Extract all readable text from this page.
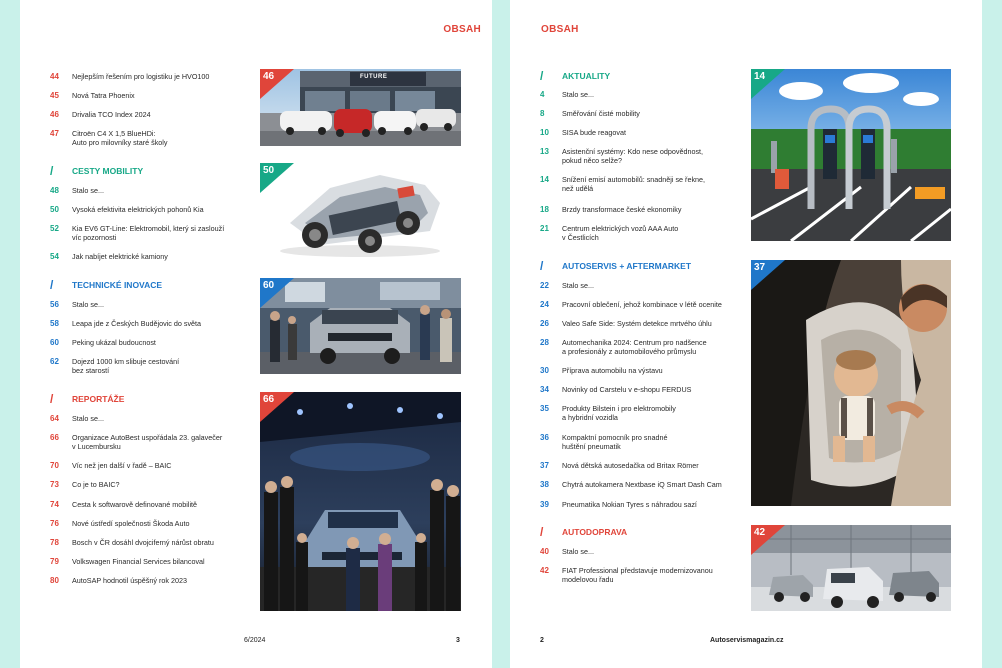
OBSAH
44	Nejlepším řešením pro logistiku je HVO100
45	Nová Tatra Phoenix
46	Drivalia TCO Index 2024
47	Citroën C4 X 1,5 BlueHDi:
Auto pro milovníky staré školy
/ CESTY MOBILITY
48	Stalo se...
50	Vysoká efektivita elektrických pohonů Kia
52	Kia EV6 GT-Line: Elektromobil, který si zaslouží
víc pozornosti
54	Jak nabíjet elektrické kamiony
/ TECHNICKÉ INOVACE
56	Stalo se...
58	Leapa jde z Českých Budějovic do světa
60	Peking ukázal budoucnost
62	Dojezd 1000 km slibuje cestování
bez starostí
/ REPORTÁŽE
64	Stalo se...
66	Organizace AutoBest uspořádala 23. galavečer
v Lucembursku
70	Víc než jen další v řadě – BAIC
73	Co je to BAIC?
74	Cesta k softwarově definované mobilitě
76	Nové ústředí společnosti Škoda Auto
78	Bosch v ČR dosáhl dvojciferný nárůst obratu
79	Volkswagen Financial Services bilancoval
80	AutoSAP hodnotil úspěšný rok 2023
FUTURE
46
50
60
66
6/2024	3
OBSAH
/ AKTUALITY
4	Stalo se...
8	Směřování čisté mobility
10	SISA bude reagovat
13	Asistenční systémy: Kdo nese odpovědnost,
pokud něco selže?
14	Snížení emisí automobilů: snadněji se řekne,
než udělá
18	Brzdy transformace české ekonomiky
21	Centrum elektrických vozů AAA Auto
v Čestlicích
/ AUTOSERVIS + AFTERMARKET
22	Stalo se...
24	Pracovní oblečení, jehož kombinace v létě ocenite
26	Valeo Safe Side: Systém detekce mrtvého úhlu
28	Automechanika 2024: Centrum pro nadšence
a profesionály z automobilového průmyslu
30	Příprava automobilu na výstavu
34	Novinky od Carstelu v e-shopu FERDUS
35	Produkty Bilstein i pro elektromobily
a hybridní vozidla
36	Kompaktní pomocník pro snadné
huštění pneumatik
37	Nová dětská autosedačka od Britax Römer
38	Chytrá autokamera Nextbase iQ Smart Dash Cam
39	Pneumatika Nokian Tyres s náhradou sazí
/ AUTODOPRAVA
40	Stalo se...
42	FIAT Professional představuje modernizovanou
modelovou řadu
14
37
42
2	Autoservismagazin.cz
